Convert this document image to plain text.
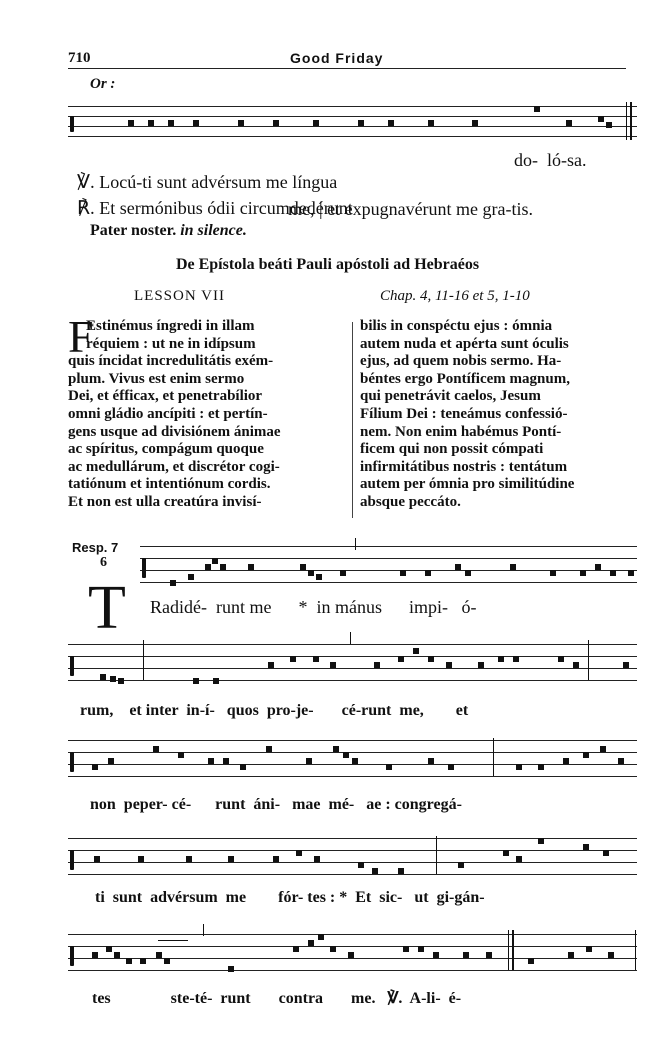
710	Good Friday
Or :

℣. Locú-ti sunt advérsum me língua

do-  ló-sa.

℟. Et sermónibus ódii circumdedérunt

me, | et expugnavérunt me gra-tis.
Pater noster. in silence.
De Epístola beáti Pauli apóstoli ad Hebraéos
LESSON VII	Chap. 4, 11-16 et 5, 1-10
F
Estinémus íngredi in illam
réquiem : ut ne in idípsum
quis íncidat incredulitátis exém-
plum. Vivus est enim sermo
Dei, et éfficax, et penetrabílior
omni gládio ancípiti : et pertín-
gens usque ad divisiónem ánimae
ac spíritus, compágum quoque
ac medullárum, et discrétor cogi-
tatiónum et intentiónum cordis.
Et non est ulla creatúra invisí-
bilis in conspéctu ejus : ómnia
autem nuda et apérta sunt óculis
ejus, ad quem nobis sermo. Ha-
béntes ergo Pontíficem magnum,
qui penetrávit caelos, Jesum
Fílium Dei : teneámus confessió-
nem. Non enim habémus Pontí-
ficem qui non possit cómpati
infirmitátibus nostris : tentátum
autem per ómnia pro similitúdine
absque peccáto.
Resp. 7
6
T Radidé-  runt me      *  in mánus      impi-   ó-
rum,    et inter  in-í-   quos  pro-je-       cé-runt  me,        et
non  peper- cé-      runt  áni-   mae  mé-   ae : congregá-
ti  sunt  advérsum  me        fór- tes : *  Et  sic-   ut  gi-gán-
tes               ste-té-  runt       contra       me.   ℣.  A-li-  é-
